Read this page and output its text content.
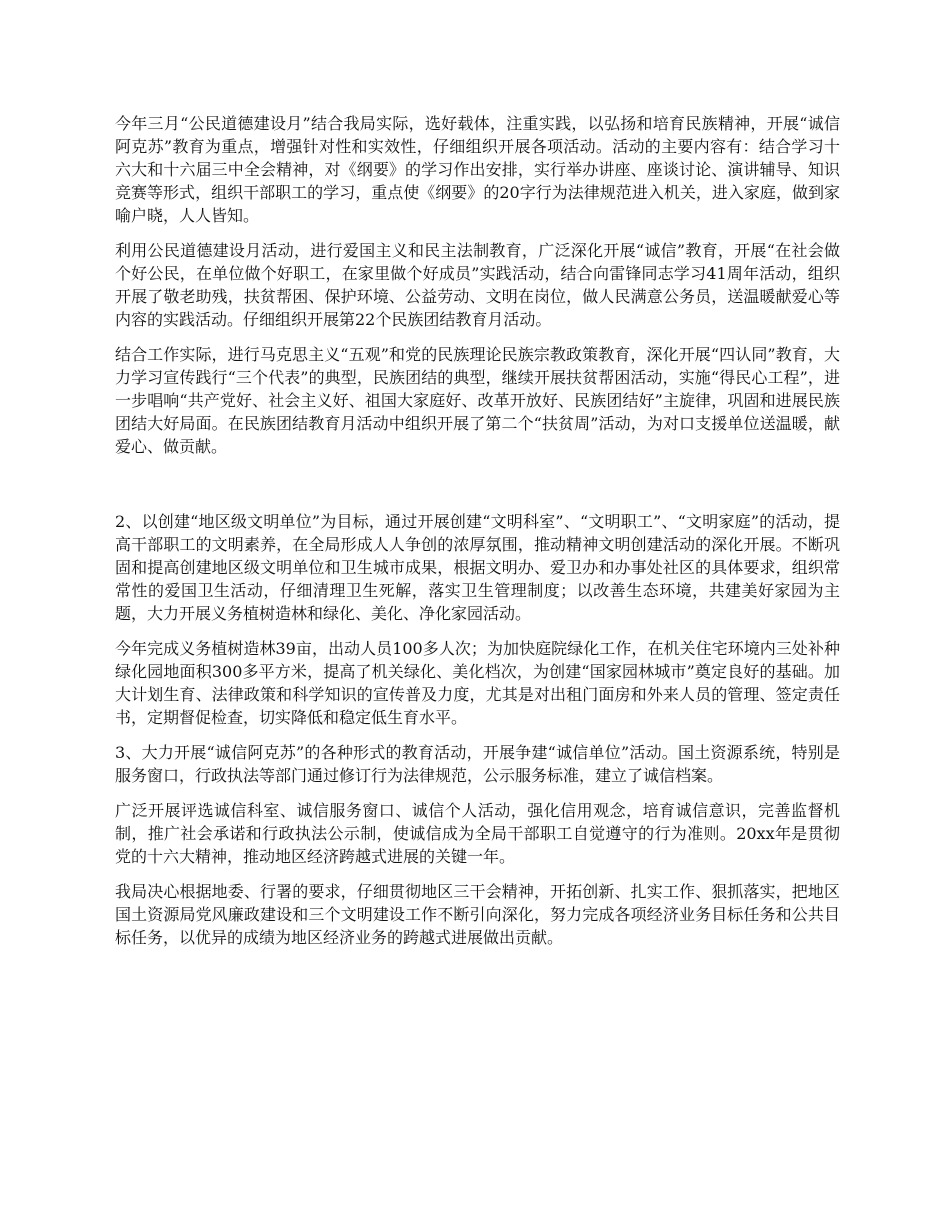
今年三月“公民道德建设月”结合我局实际，选好载体，注重实践，以弘扬和培育民族精神，开展“诚信阿克苏”教育为重点，增强针对性和实效性，仔细组织开展各项活动。活动的主要内容有：结合学习十六大和十六届三中全会精神，对《纲要》的学习作出安排，实行举办讲座、座谈讨论、演讲辅导、知识竞赛等形式，组织干部职工的学习，重点使《纲要》的20字行为法律规范进入机关，进入家庭，做到家喻户晓，人人皆知。

利用公民道德建设月活动，进行爱国主义和民主法制教育，广泛深化开展“诚信”教育，开展“在社会做个好公民，在单位做个好职工，在家里做个好成员”实践活动，结合向雷锋同志学习41周年活动，组织开展了敬老助残，扶贫帮困、保护环境、公益劳动、文明在岗位，做人民满意公务员，送温暖献爱心等内容的实践活动。仔细组织开展第22个民族团结教育月活动。

结合工作实际，进行马克思主义“五观”和党的民族理论民族宗教政策教育，深化开展“四认同”教育，大力学习宣传践行“三个代表”的典型，民族团结的典型，继续开展扶贫帮困活动，实施“得民心工程”，进一步唱响“共产党好、社会主义好、祖国大家庭好、改革开放好、民族团结好”主旋律，巩固和进展民族团结大好局面。在民族团结教育月活动中组织开展了第二个“扶贫周”活动，为对口支援单位送温暖，献爱心、做贡献。

2、以创建“地区级文明单位”为目标，通过开展创建“文明科室”、“文明职工”、“文明家庭”的活动，提高干部职工的文明素养，在全局形成人人争创的浓厚氛围，推动精神文明创建活动的深化开展。不断巩固和提高创建地区级文明单位和卫生城市成果，根据文明办、爱卫办和办事处社区的具体要求，组织常常性的爱国卫生活动，仔细清理卫生死解，落实卫生管理制度；以改善生态环境，共建美好家园为主题，大力开展义务植树造林和绿化、美化、净化家园活动。

今年完成义务植树造林39亩，出动人员100多人次；为加快庭院绿化工作，在机关住宅环境内三处补种绿化园地面积300多平方米，提高了机关绿化、美化档次，为创建“国家园林城市”奠定良好的基础。加大计划生育、法律政策和科学知识的宣传普及力度，尤其是对出租门面房和外来人员的管理、签定责任书，定期督促检查，切实降低和稳定低生育水平。

3、大力开展“诚信阿克苏”的各种形式的教育活动，开展争建“诚信单位”活动。国土资源系统，特别是服务窗口，行政执法等部门通过修订行为法律规范，公示服务标准，建立了诚信档案。

广泛开展评选诚信科室、诚信服务窗口、诚信个人活动，强化信用观念，培育诚信意识，完善监督机制，推广社会承诺和行政执法公示制，使诚信成为全局干部职工自觉遵守的行为准则。20xx年是贯彻党的十六大精神，推动地区经济跨越式进展的关键一年。

我局决心根据地委、行署的要求，仔细贯彻地区三干会精神，开拓创新、扎实工作、狠抓落实，把地区国土资源局党风廉政建设和三个文明建设工作不断引向深化，努力完成各项经济业务目标任务和公共目标任务，以优异的成绩为地区经济业务的跨越式进展做出贡献。
